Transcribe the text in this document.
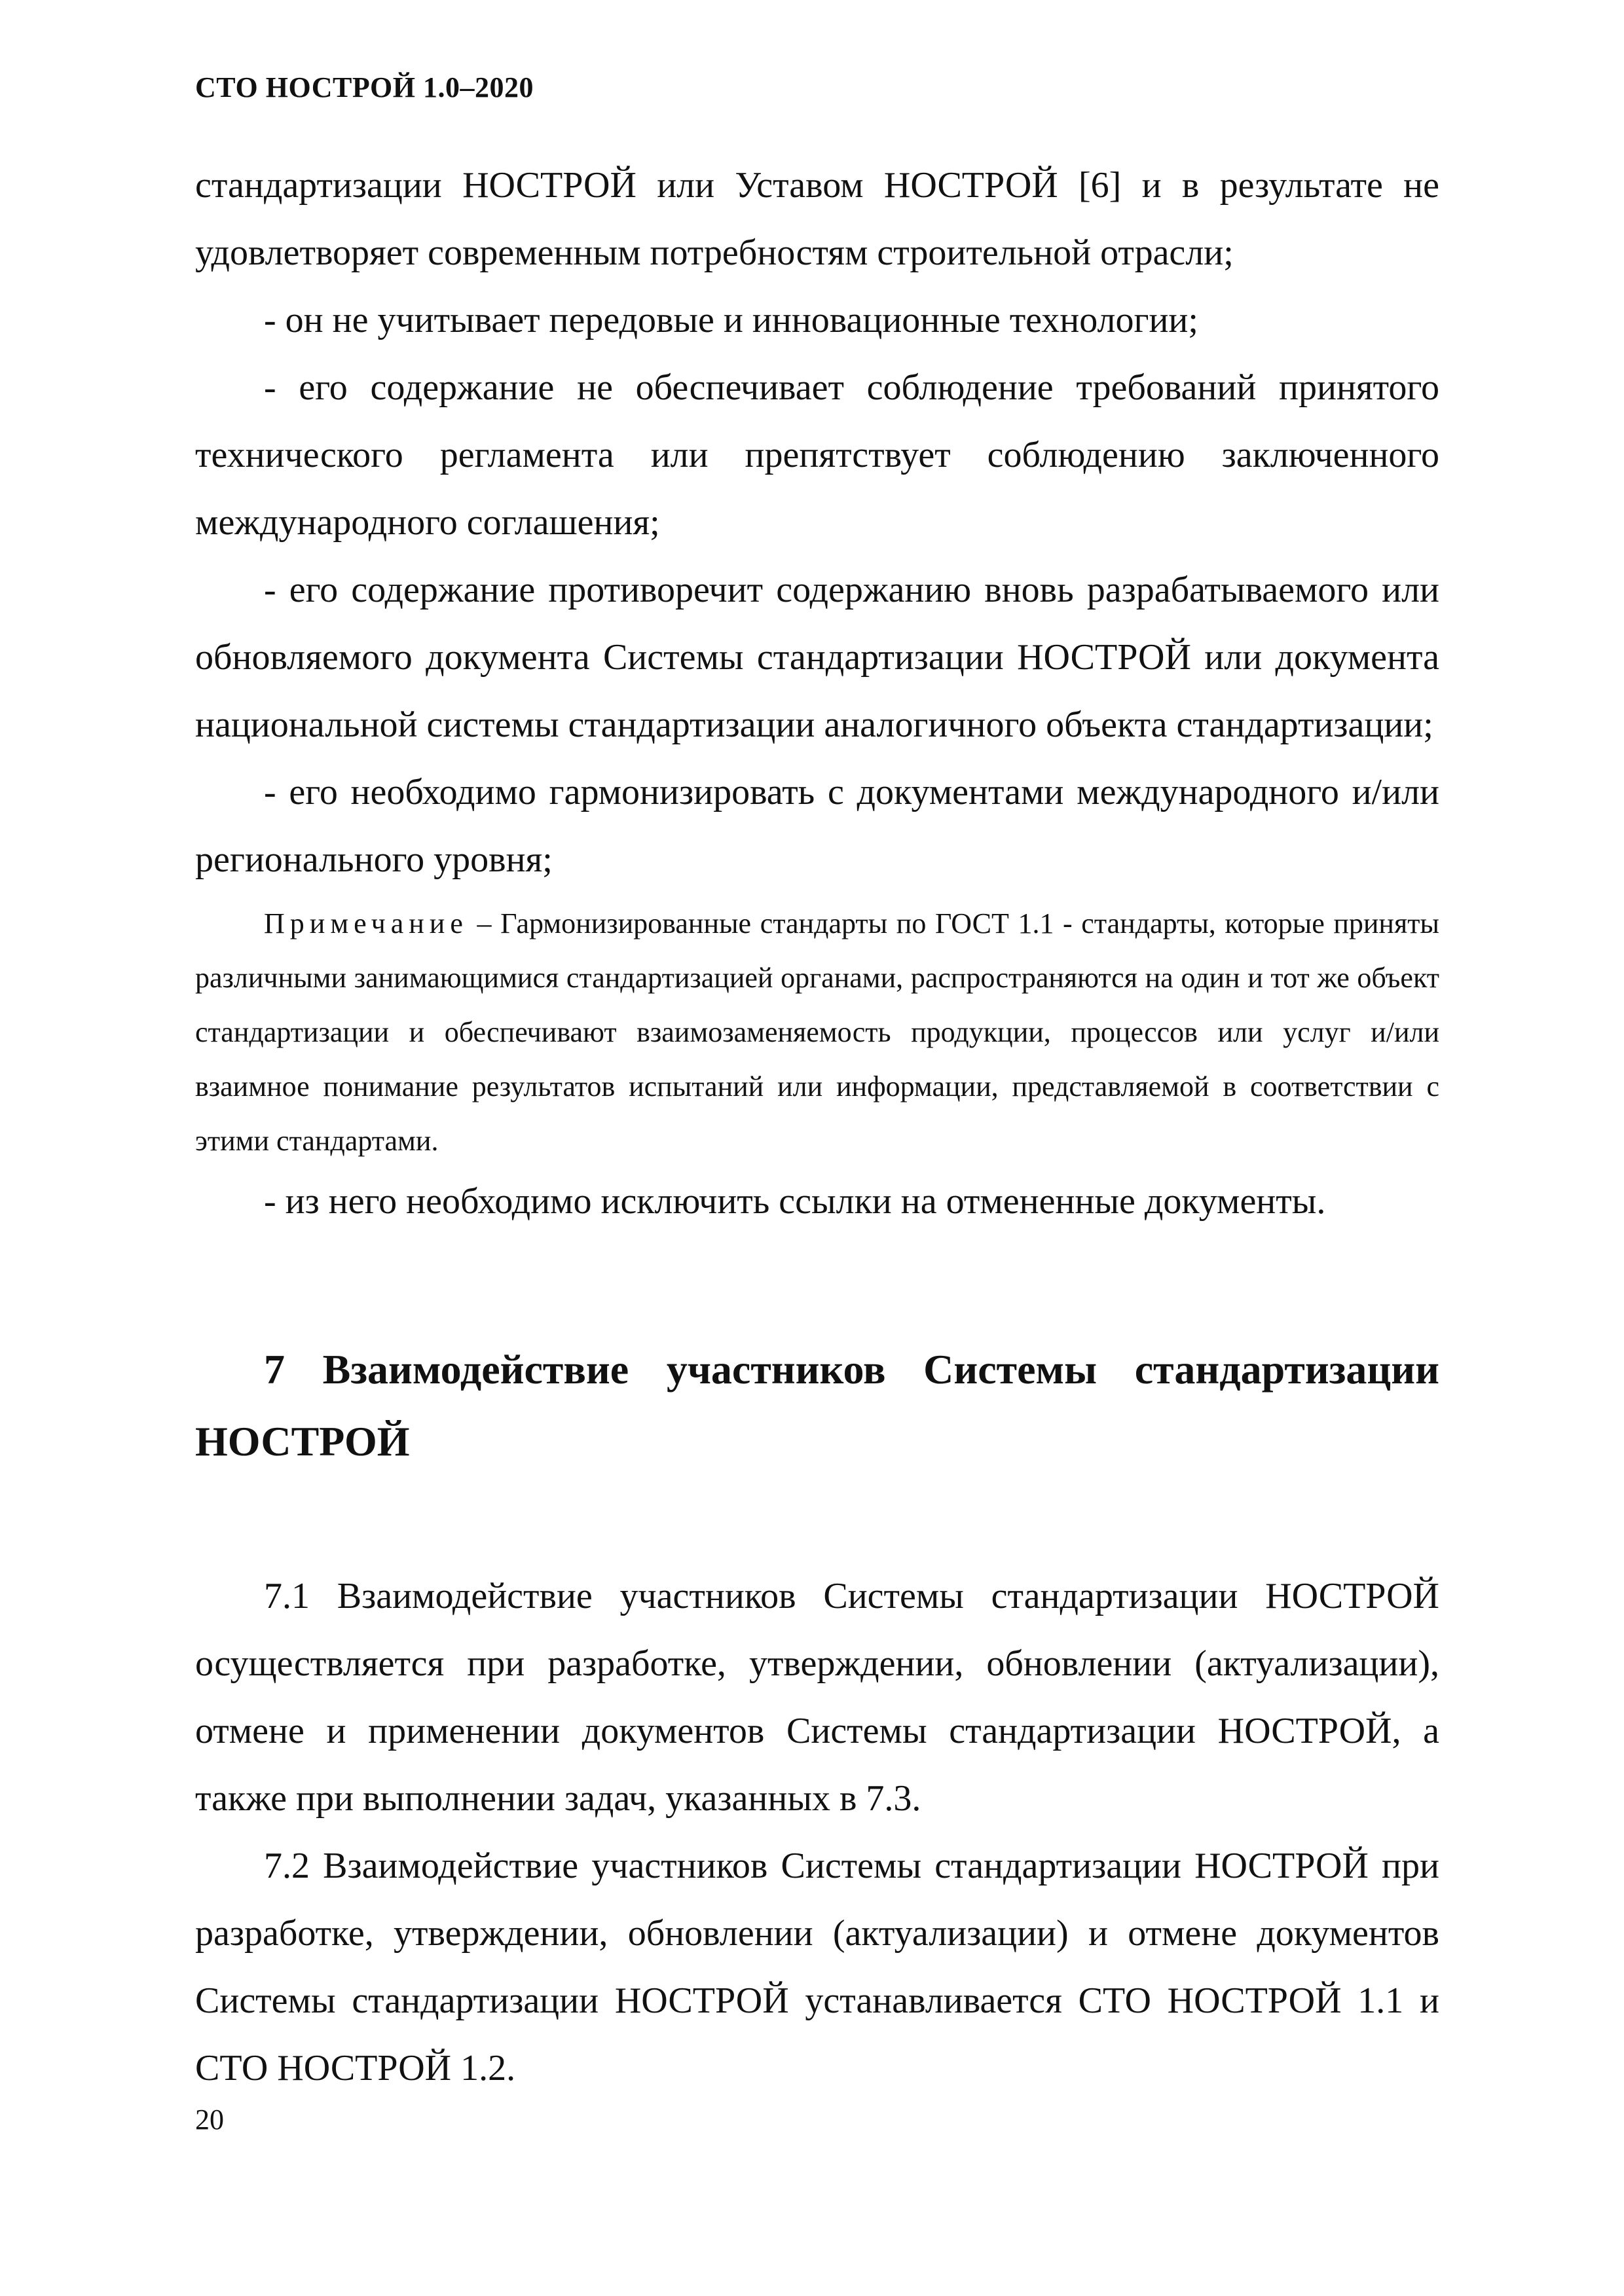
СТО НОСТРОЙ 1.0–2020

стандартизации НОСТРОЙ или Уставом НОСТРОЙ [6] и в результате не удовлетворяет современным потребностям строительной отрасли;

- он не учитывает передовые и инновационные технологии;

- его содержание не обеспечивает соблюдение требований принятого технического регламента или препятствует соблюдению заключенного международного соглашения;

- его содержание противоречит содержанию вновь разрабатываемого или обновляемого документа Системы стандартизации НОСТРОЙ или документа национальной системы стандартизации аналогичного объекта стандартизации;

- его необходимо гармонизировать с документами международного и/или регионального уровня;

Примечание – Гармонизированные стандарты по ГОСТ 1.1 - стандарты, которые приняты различными занимающимися стандартизацией органами, распространяются на один и тот же объект стандартизации и обеспечивают взаимозаменяемость продукции, процессов или услуг и/или взаимное понимание результатов испытаний или информации, представляемой в соответствии с этими стандартами.

- из него необходимо исключить ссылки на отмененные документы.

7 Взаимодействие участников Системы стандартизации НОСТРОЙ

7.1 Взаимодействие участников Системы стандартизации НОСТРОЙ осуществляется при разработке, утверждении, обновлении (актуализации), отмене и применении документов Системы стандартизации НОСТРОЙ, а также при выполнении задач, указанных в 7.3.

7.2 Взаимодействие участников Системы стандартизации НОСТРОЙ при разработке, утверждении, обновлении (актуализации) и отмене документов Системы стандартизации НОСТРОЙ устанавливается СТО НОСТРОЙ 1.1 и СТО НОСТРОЙ 1.2.

20
